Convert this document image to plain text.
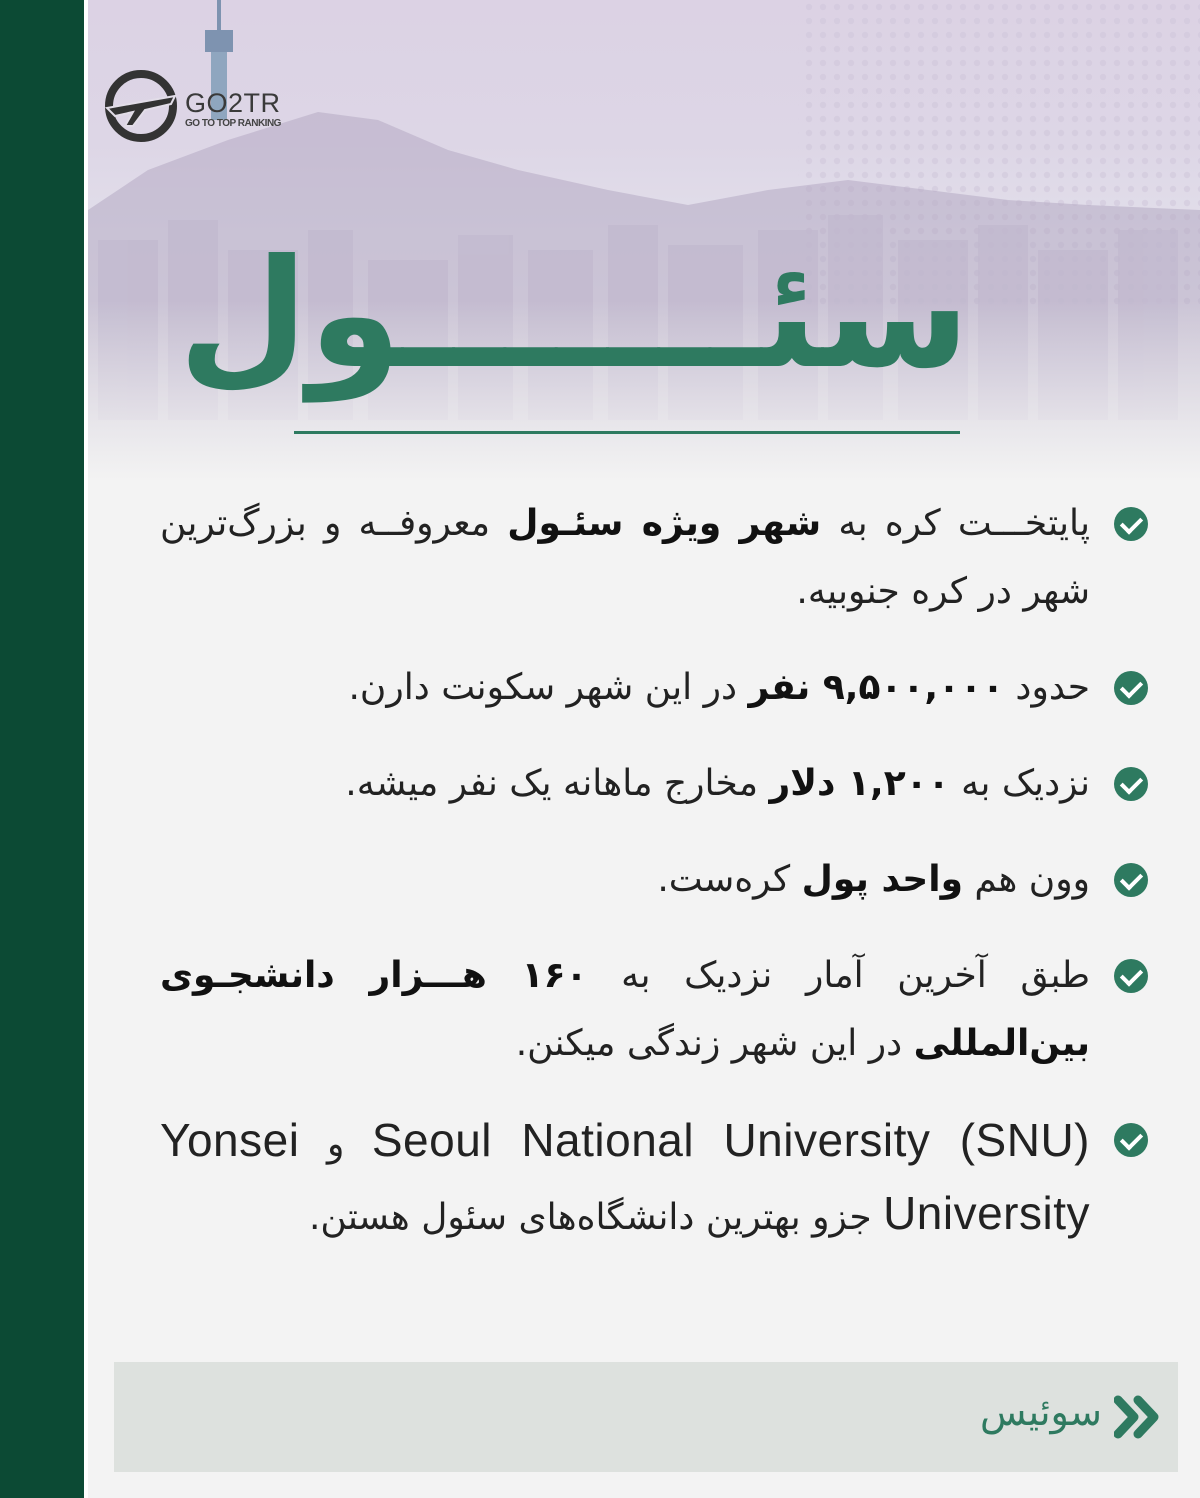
GO2TR
GO TO TOP RANKING
سئـــــــول
پایتخـــت کره به شهر ویژه سئـول معروفــه و بزرگ‌ترین شهر در کره جنوبیه.
حدود ۹,۵۰۰,۰۰۰ نفر در این شهر سکونت دارن.
نزدیک به ۱,۲۰۰ دلار مخارج ماهانه یک نفر میشه.
وون هم واحد پول کره‌ست.
طبق آخرین آمار نزدیک به ۱۶۰ هـــزار دانشجـوی بین‌المللی در این شهر زندگی میکنن.
Seoul National University (SNU) و Yonsei University جزو بهترین دانشگاه‌های سئول هستن.
سوئیس
